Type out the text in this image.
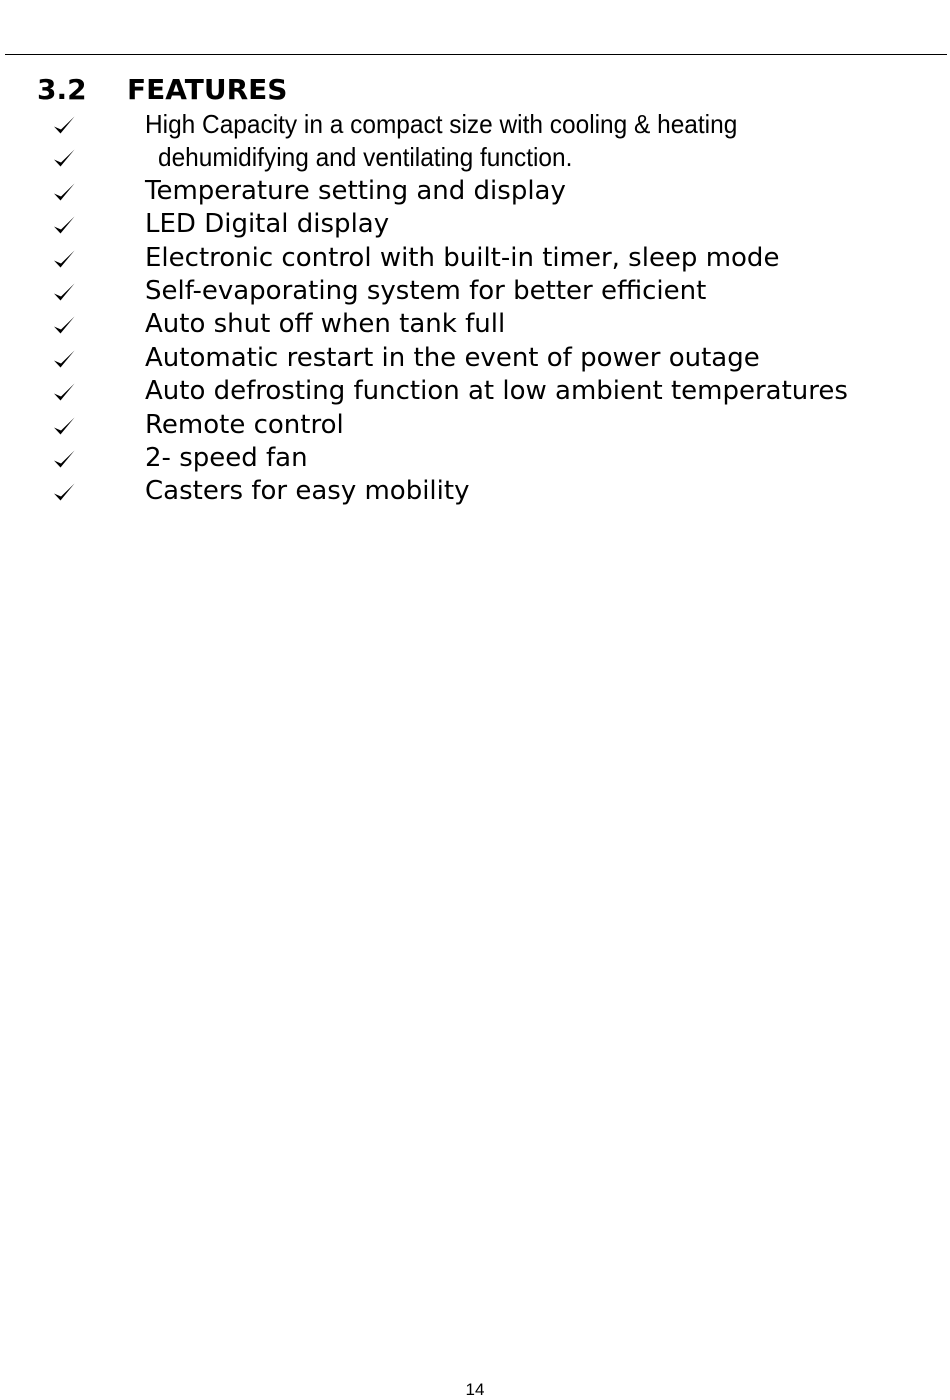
3.2 FEATURES
High Capacity in a compact size with cooling & heating
dehumidifying and ventilating function.
Temperature setting and display
LED Digital display
Electronic control with built-in timer, sleep mode
Self-evaporating system for better efficient
Auto shut off when tank full
Automatic restart in the event of power outage
Auto defrosting function at low ambient temperatures
Remote control
2- speed fan
Casters for easy mobility
14
